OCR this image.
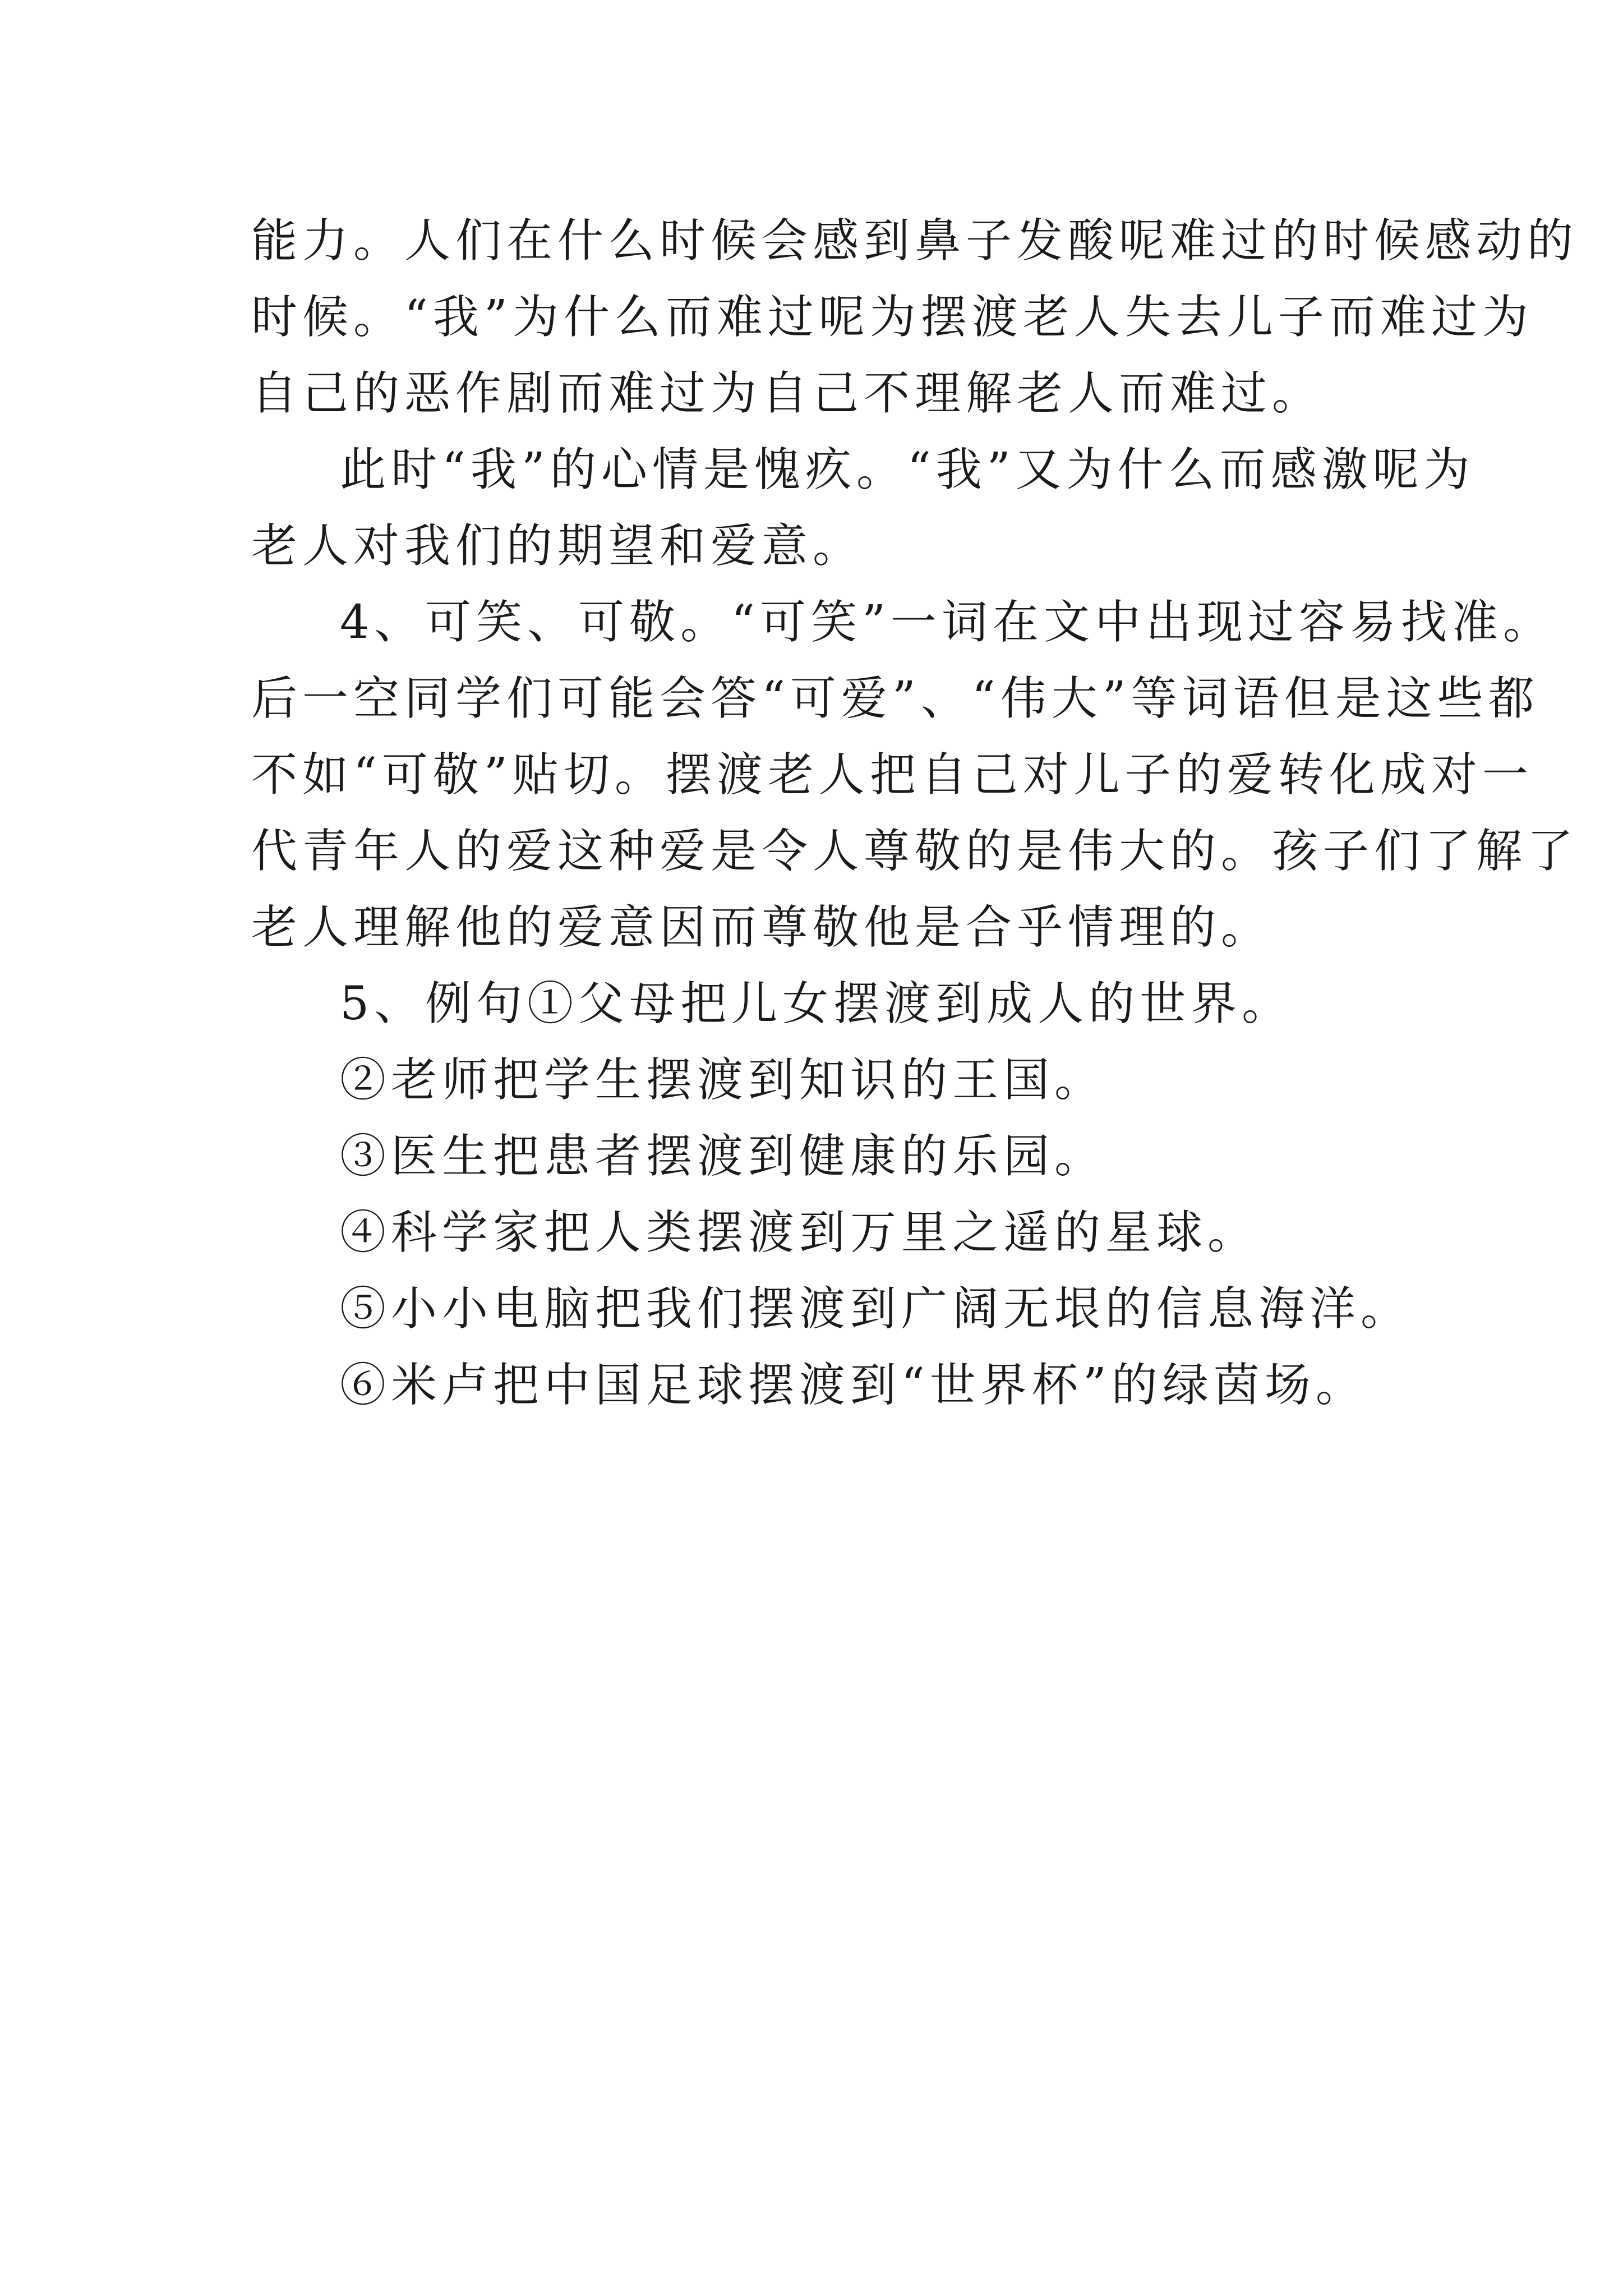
能力。人们在什么时候会感到鼻子发酸呢难过的时候感动的
时候。“我”为什么而难过呢为摆渡老人失去儿子而难过为
自己的恶作剧而难过为自己不理解老人而难过。
此时“我”的心情是愧疚。“我”又为什么而感激呢为
老人对我们的期望和爱意。
4、可笑、可敬。“可笑”一词在文中出现过容易找准。
后一空同学们可能会答“可爱”、“伟大”等词语但是这些都
不如“可敬”贴切。摆渡老人把自己对儿子的爱转化成对一
代青年人的爱这种爱是令人尊敬的是伟大的。孩子们了解了
老人理解他的爱意因而尊敬他是合乎情理的。
5、例句①父母把儿女摆渡到成人的世界。
②老师把学生摆渡到知识的王国。
③医生把患者摆渡到健康的乐园。
④科学家把人类摆渡到万里之遥的星球。
⑤小小电脑把我们摆渡到广阔无垠的信息海洋。
⑥米卢把中国足球摆渡到“世界杯”的绿茵场。
